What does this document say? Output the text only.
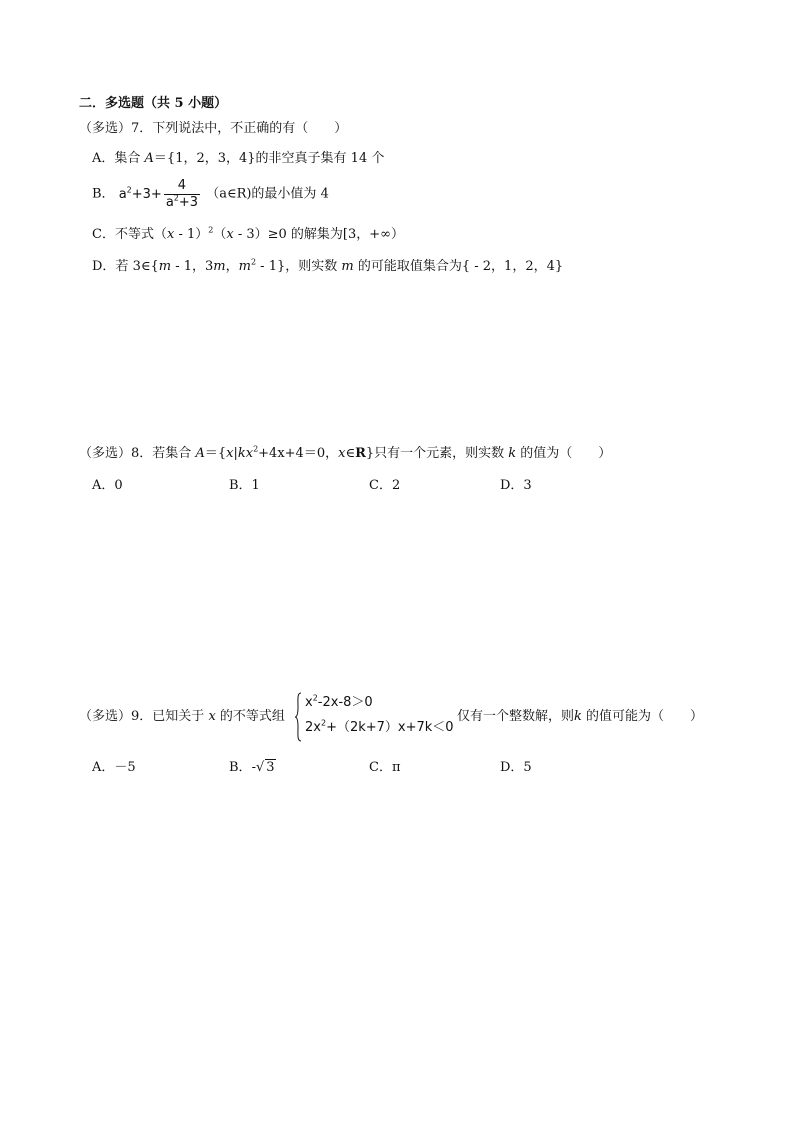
二．多选题（共 5 小题）
（多选）7．下列说法中，不正确的有（　　）
A．集合 A＝{1，2，3，4}的非空真子集有 14 个
B． $a^2+3+ \frac{4}{a^2+3}$ （a∈R)的最小值为 4
C．不等式（x - 1）$^2$（x - 3）≥0 的解集为[3，+∞）
D．若 3∈{m - 1，3m，$m^2 - 1$}，则实数 m 的可能取值集合为{ - 2，1，2，4}
（多选）8．若集合 $A=\{x|kx^2+4x+4=0$，x∈R}只有一个元素，则实数 k 的值为（　　）
A．0	B．1	C．2	D．3
（多选）9．已知关于 x 的不等式组
$x^2-2x-8>0$
$2x^2+(2k+7)x+7k<0$
仅有一个整数解，则k 的值可能为（　　）
A．－5	B．-√ 3	C．π	D．5
